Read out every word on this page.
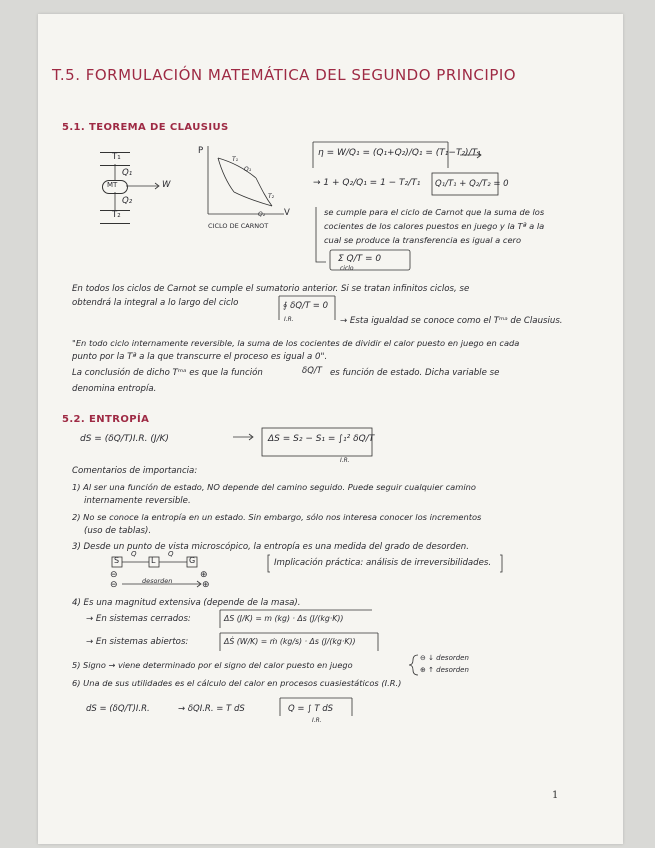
T.5. FORMULACIÓN MATEMÁTICA DEL SEGUNDO PRINCIPIO
5.1. TEOREMA DE CLAUSIUS
T₁
Q₁
MT	W
Q₂
T₂
P
V
T₁
Q₁
T₂
Q₂
CICLO DE CARNOT
η = W/Q₁ = (Q₁+Q₂)/Q₁ = (T₁−T₂)/T₁
→ 1 + Q₂/Q₁ = 1 − T₂/T₁ Q₁/T₁ + Q₂/T₂ = 0
se cumple para el ciclo de Carnot que la suma de los
cocientes de los calores puestos en juego y la Tª a la
cual se produce la transferencia es igual a cero
Σ Q/T = 0
ciclo
En todos los ciclos de Carnot se cumple el sumatorio anterior. Si se tratan infinitos ciclos, se
obtendrá la integral a lo largo del ciclo	∮ δQ/T = 0
I.R.	→ Esta igualdad se conoce como el Tᵐᵃ de Clausius.
"En todo ciclo internamente reversible, la suma de los cocientes de dividir el calor puesto en juego en cada
punto por la Tª a la que transcurre el proceso es igual a 0".
La conclusión de dicho Tᵐᵃ es que la función	δQ/T es función de estado. Dicha variable se
denomina entropía.
5.2. ENTROPÍA
dS = (δQ/T)I.R. (J/K)	ΔS = S₂ − S₁ = ∫₁² δQ/T
I.R.
Comentarios de importancia:
1) Al ser una función de estado, NO depende del camino seguido. Puede seguir cualquier camino
internamente reversible.
2) No se conoce la entropía en un estado. Sin embargo, sólo nos interesa conocer los incrementos
(uso de tablas).
3) Desde un punto de vista microscópico, la entropía es una medida del grado de desorden.
S	L	G
Q	Q
⊖	⊕
⊖	⊕
desorden
Implicación práctica: análisis de irreversibilidades.
4) Es una magnitud extensiva (depende de la masa).
→ En sistemas cerrados:	ΔS (J/K) = m (kg) · Δs (J/(kg·K))
→ En sistemas abiertos:	ΔṠ (W/K) = ṁ (kg/s) · Δs (J/(kg·K))
5) Signo → viene determinado por el signo del calor puesto en juego
⊖ ↓ desorden
⊕ ↑ desorden
6) Una de sus utilidades es el cálculo del calor en procesos cuasiestáticos (I.R.)
dS = (δQ/T)I.R.	→ δQI.R. = T dS	Q = ∫ T dS
I.R.
1
